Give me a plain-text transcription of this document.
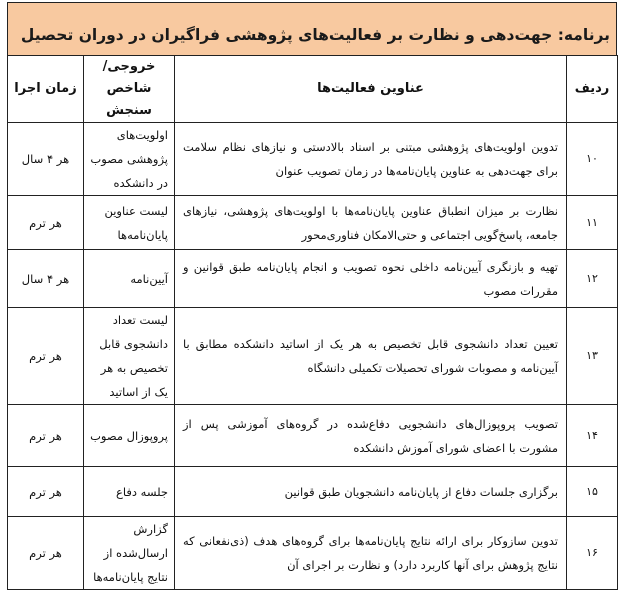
برنامه: جهت‌دهی و نظارت بر فعالیت‌های پژوهشی فراگیران در دوران تحصیل
ردیف	عناوین فعالیت‌ها	خروجی/ شاخص سنجش	زمان اجرا
۱۰	تدوین اولویت‌های پژوهشی مبتنی بر اسناد بالادستی و نیازهای نظام سلامت برای جهت‌دهی به عناوین پایان‌نامه‌ها در زمان تصویب عنوان	اولویت‌های پژوهشی مصوب در دانشکده	هر ۴ سال
۱۱	نظارت بر میزان انطباق عناوین پایان‌نامه‌ها با اولویت‌های پژوهشی، نیازهای جامعه، پاسخ‌گویی اجتماعی و حتی‌الامکان فناوری‌محور	لیست عناوین پایان‌نامه‌ها	هر ترم
۱۲	تهیه و بازنگری آیین‌نامه داخلی نحوه تصویب و انجام پایان‌نامه طبق قوانین و مقررات مصوب	آیین‌نامه	هر ۴ سال
۱۳	تعیین تعداد دانشجوی قابل تخصیص به هر یک از اساتید دانشکده مطابق با آیین‌نامه و مصوبات شورای تحصیلات تکمیلی دانشگاه	لیست تعداد دانشجوی قابل تخصیص به هر یک از اساتید	هر ترم
۱۴	تصویب پروپوزال‌های دانشجویی دفاع‌شده در گروه‌های آموزشی پس از مشورت با اعضای شورای آموزش دانشکده	پروپوزال مصوب	هر ترم
۱۵	برگزاری جلسات دفاع از پایان‌نامه دانشجویان طبق قوانین	جلسه دفاع	هر ترم
۱۶	تدوین سازوکار برای ارائه نتایج پایان‌نامه‌ها برای گروه‌های هدف (ذی‌نفعانی که نتایج پژوهش برای آنها کاربرد دارد) و نظارت بر اجرای آن	گزارش ارسال‌شده از نتایج پایان‌نامه‌ها	هر ترم
